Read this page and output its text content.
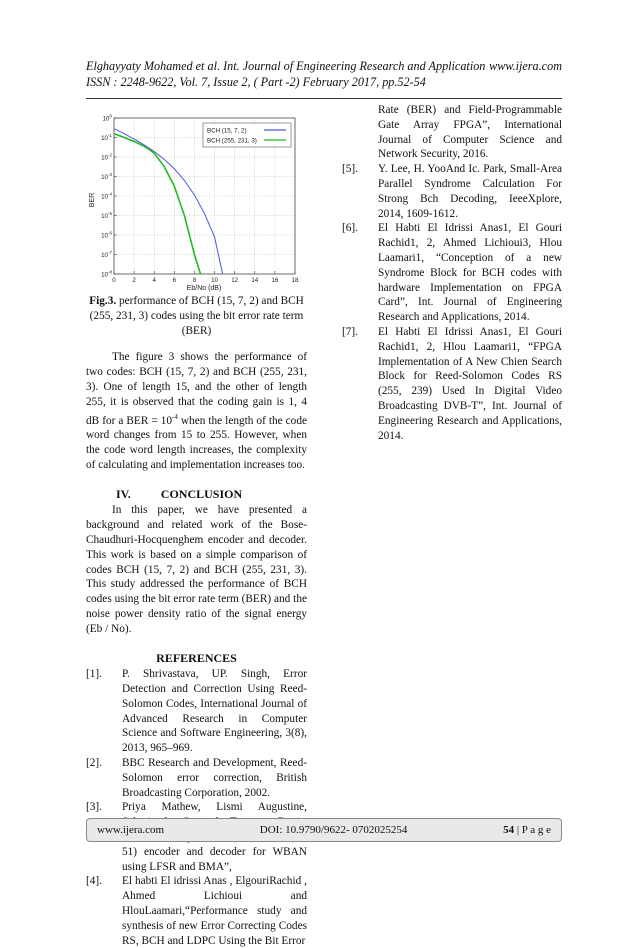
Elghayyaty Mohamed et al. Int. Journal of Engineering Research and Application www.ijera.com
ISSN : 2248-9622, Vol. 7, Issue 2, ( Part -2) February 2017, pp.52-54
$10^0$
$10^{-1}$
$10^{-2}$
$10^{-3}$
$10^{-4}$
$10^{-5}$
$10^{-6}$
$10^{-7}$
$10^{-8}$
0	2	4	6	8 10 12 14 16 18
BCH (15, 7, 2)
BCH (255, 231, 3)
BER
Eb/No (dB)
Fig.3. performance of BCH (15, 7, 2) and BCH (255, 231, 3) codes using the bit error rate term (BER)

The figure 3 shows the performance of two codes: BCH (15, 7, 2) and BCH (255, 231, 3). One of length 15, and the other of length 255, it is observed that the coding gain is 1, 4 dB for a BER = $10^{-4}$ when the length of the code word changes from 15 to 255. However, when the code word length increases, the complexity of calculating and implementation increases too.

IV.	CONCLUSION

In this paper, we have presented a background and related work of the Bose-Chaudhuri-Hocquenghem encoder and decoder. This work is based on a simple comparison of codes BCH (15, 7, 2) and BCH (255, 231, 3). This study addressed the performance of BCH codes using the bit error rate term (BER) and the noise power density ratio of the signal energy (Eb / No).

REFERENCES
[1].	P. Shrivastava, UP. Singh, Error Detection and Correction Using Reed-Solomon Codes, International Journal of Advanced Research in Computer Science and Software Engineering, 3(8), 2013, 965–969.
[2].	BBC Research and Development, Reed-Solomon error correction, British Broadcasting Corporation, 2002.
[3].	Priya Mathew, Lismi Augustine, 51) encoder and decoder for WBAN using LFSR and BMA”,
[4].	El habti El idrissi Anas , ElgouriRachid , Ahmed Lichioui and HlouLaamari,“Performance study and synthesis of new Error Correcting Codes RS, BCH and LDPC Using the Bit Error
Rate (BER) and Field-Programmable Gate Array FPGA”, International Journal of Computer Science and Network Security, 2016.
[5].	Y. Lee, H. YooAnd Ic. Park, Small-Area Parallel Syndrome Calculation For Strong Bch Decoding, IeeeXplore, 2014, 1609-1612.
[6].	El Habti El Idrissi Anas1, El Gouri Rachid1, 2, Ahmed Lichioui3, Hlou Laamari1, “Conception of a new Syndrome Block for BCH codes with hardware Implementation on FPGA Card”, Int. Journal of Engineering Research and Applications, 2014.
[7].	El Habti El Idrissi Anas1, El Gouri Rachid1, 2, Hlou Laamari1, “FPGA Implementation of A New Chien Search Block for Reed-Solomon Codes RS (255, 239) Used In Digital Video Broadcasting DVB-T”, Int. Journal of Engineering Research and Applications, 2014.
www.ijera.com	DOI: 10.9790/9622- 0702025254	54 | P a g e
